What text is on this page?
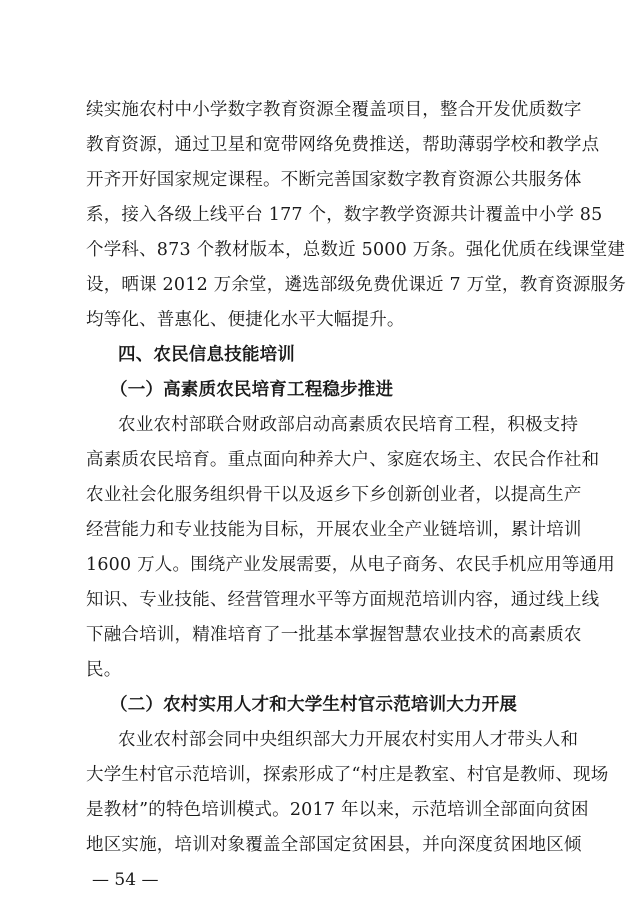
续实施农村中小学数字教育资源全覆盖项目，整合开发优质数字
教育资源，通过卫星和宽带网络免费推送，帮助薄弱学校和教学点
开齐开好国家规定课程。不断完善国家数字教育资源公共服务体
系，接入各级上线平台 177 个，数字教学资源共计覆盖中小学 85
个学科、873 个教材版本，总数近 5000 万条。强化优质在线课堂建
设，晒课 2012 万余堂，遴选部级免费优课近 7 万堂，教育资源服务
均等化、普惠化、便捷化水平大幅提升。
四、农民信息技能培训
（一）高素质农民培育工程稳步推进
农业农村部联合财政部启动高素质农民培育工程，积极支持
高素质农民培育。重点面向种养大户、家庭农场主、农民合作社和
农业社会化服务组织骨干以及返乡下乡创新创业者，以提高生产
经营能力和专业技能为目标，开展农业全产业链培训，累计培训
1600 万人。围绕产业发展需要，从电子商务、农民手机应用等通用
知识、专业技能、经营管理水平等方面规范培训内容，通过线上线
下融合培训，精准培育了一批基本掌握智慧农业技术的高素质农
民。
（二）农村实用人才和大学生村官示范培训大力开展
农业农村部会同中央组织部大力开展农村实用人才带头人和
大学生村官示范培训，探索形成了“村庄是教室、村官是教师、现场
是教材”的特色培训模式。2017 年以来，示范培训全部面向贫困
地区实施，培训对象覆盖全部国定贫困县，并向深度贫困地区倾
— 54 —
